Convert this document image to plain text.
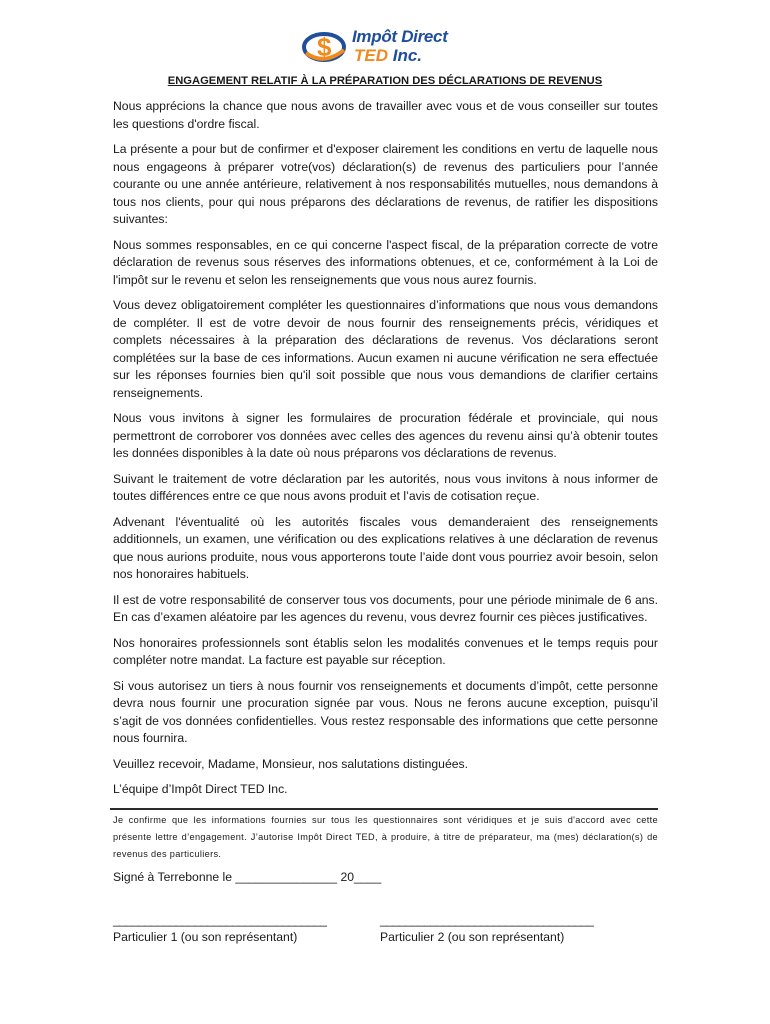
$ Impôt Direct
TED Inc.
ENGAGEMENT RELATIF À LA PRÉPARATION DES DÉCLARATIONS DE REVENUS

Nous apprécions la chance que nous avons de travailler avec vous et de vous conseiller sur toutes les questions d'ordre fiscal.

La présente a pour but de confirmer et d'exposer clairement les conditions en vertu de laquelle nous nous engageons à préparer votre(vos) déclaration(s) de revenus des particuliers pour l’année courante ou une année antérieure, relativement à nos responsabilités mutuelles, nous demandons à tous nos clients, pour qui nous préparons des déclarations de revenus, de ratifier les dispositions suivantes:

Nous sommes responsables, en ce qui concerne l'aspect fiscal, de la préparation correcte de votre déclaration de revenus sous réserves des informations obtenues, et ce, conformément à la Loi de l'impôt sur le revenu et selon les renseignements que vous nous aurez fournis.

Vous devez obligatoirement compléter les questionnaires d’informations que nous vous demandons de compléter. Il est de votre devoir de nous fournir des renseignements précis, véridiques et complets nécessaires à la préparation des déclarations de revenus. Vos déclarations seront complétées sur la base de ces informations. Aucun examen ni aucune vérification ne sera effectuée sur les réponses fournies bien qu'il soit possible que nous vous demandions de clarifier certains renseignements.

Nous vous invitons à signer les formulaires de procuration fédérale et provinciale, qui nous permettront de corroborer vos données avec celles des agences du revenu ainsi qu’à obtenir toutes les données disponibles à la date où nous préparons vos déclarations de revenus.

Suivant le traitement de votre déclaration par les autorités, nous vous invitons à nous informer de toutes différences entre ce que nous avons produit et l’avis de cotisation reçue.

Advenant l'éventualité où les autorités fiscales vous demanderaient des renseignements additionnels, un examen, une vérification ou des explications relatives à une déclaration de revenus que nous aurions produite, nous vous apporterons toute l’aide dont vous pourriez avoir besoin, selon nos honoraires habituels.

Il est de votre responsabilité de conserver tous vos documents, pour une période minimale de 6 ans. En cas d’examen aléatoire par les agences du revenu, vous devrez fournir ces pièces justificatives.

Nos honoraires professionnels sont établis selon les modalités convenues et le temps requis pour compléter notre mandat. La facture est payable sur réception.

Si vous autorisez un tiers à nous fournir vos renseignements et documents d’impôt, cette personne devra nous fournir une procuration signée par vous. Nous ne ferons aucune exception, puisqu’il s’agit de vos données confidentielles. Vous restez responsable des informations que cette personne nous fournira.

Veuillez recevoir, Madame, Monsieur, nos salutations distinguées.

L’équipe d’Impôt Direct TED Inc.

Je confirme que les informations fournies sur tous les questionnaires sont véridiques et je suis d'accord avec cette présente lettre d’engagement. J’autorise Impôt Direct TED, à produire, à titre de préparateur, ma (mes) déclaration(s) de revenus des particuliers.
Signé à Terrebonne le _______________ 20____
__________________________________	__________________________________
Particulier 1 (ou son représentant)	Particulier 2 (ou son représentant)
